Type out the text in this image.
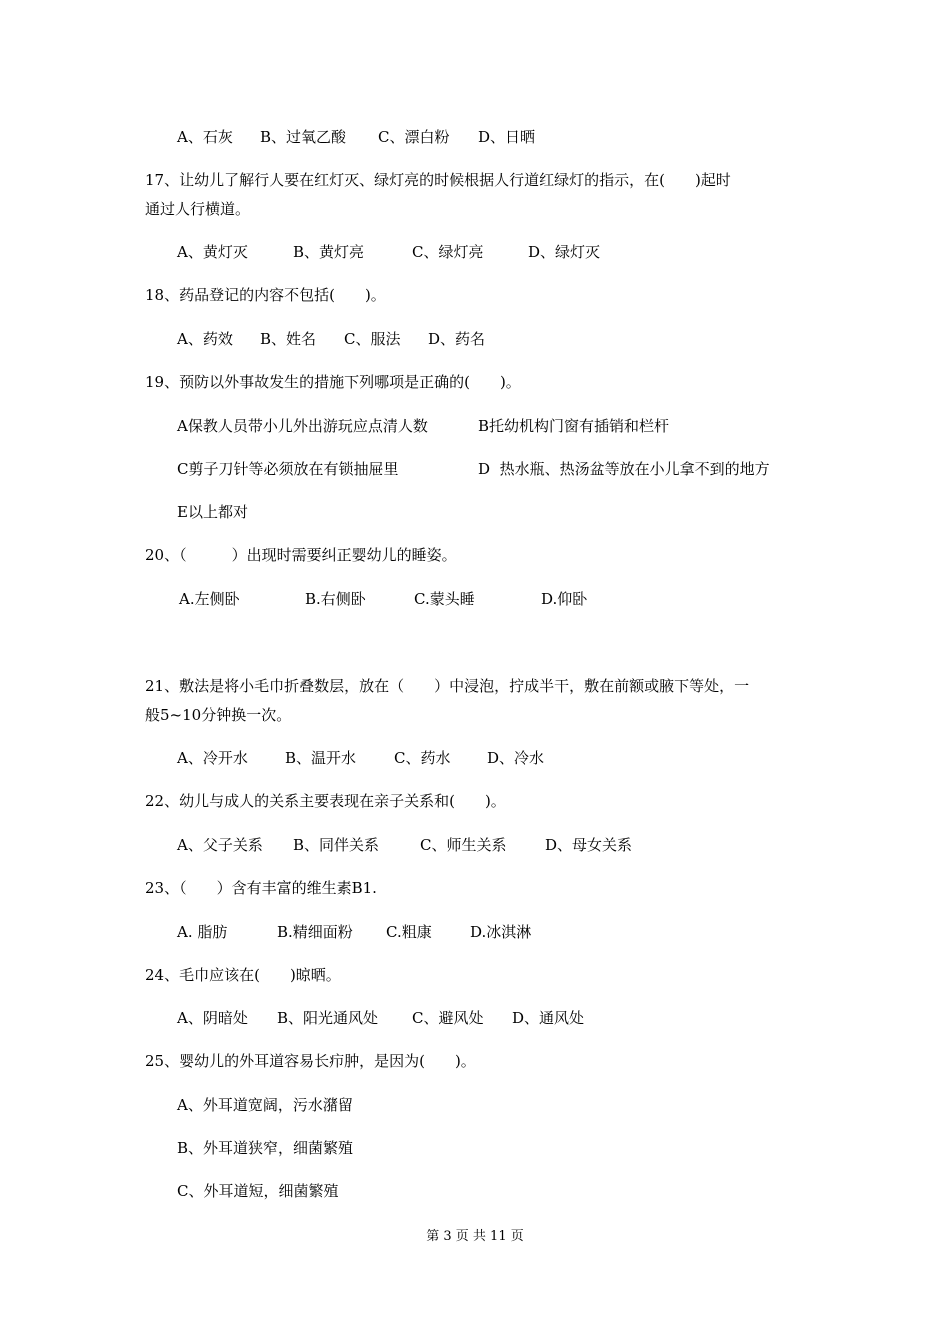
A、石灰 B、过氧乙酸 C、漂白粉 D、日晒
17、让幼儿了解行人要在红灯灭、绿灯亮的时候根据人行道红绿灯的指示，在(　　)起时
通过人行横道。
A、黄灯灭	B、黄灯亮	C、绿灯亮	D、绿灯灭
18、药品登记的内容不包括(　　)。
A、药效 B、姓名 C、服法 D、药名
19、预防以外事故发生的措施下列哪项是正确的(　　)。
A保教人员带小儿外出游玩应点清人数	B托幼机构门窗有插销和栏杆
C剪子刀针等必须放在有锁抽屉里	D  热水瓶、热汤盆等放在小儿拿不到的地方
E以上都对
20、（　　　）出现时需要纠正婴幼儿的睡姿。
A.左侧卧	B.右侧卧	C.蒙头睡	D.仰卧
21、敷法是将小毛巾折叠数层，放在（　　）中浸泡，拧成半干，敷在前额或腋下等处，一
般5~10分钟换一次。
A、冷开水 B、温开水	C、药水 D、冷水
22、幼儿与成人的关系主要表现在亲子关系和(　　)。
A、父子关系 B、同伴关系	C、师生关系	D、母女关系
23、（　　）含有丰富的维生素B1.
A. 脂肪	B.精细面粉 C.粗康	D.冰淇淋
24、毛巾应该在(　　)晾晒。
A、阴暗处 B、阳光通风处 C、避风处 D、通风处
25、婴幼儿的外耳道容易长疖肿，是因为(　　)。
A、外耳道宽阔，污水潴留
B、外耳道狭窄，细菌繁殖
C、外耳道短，细菌繁殖
第 3 页 共 11 页
